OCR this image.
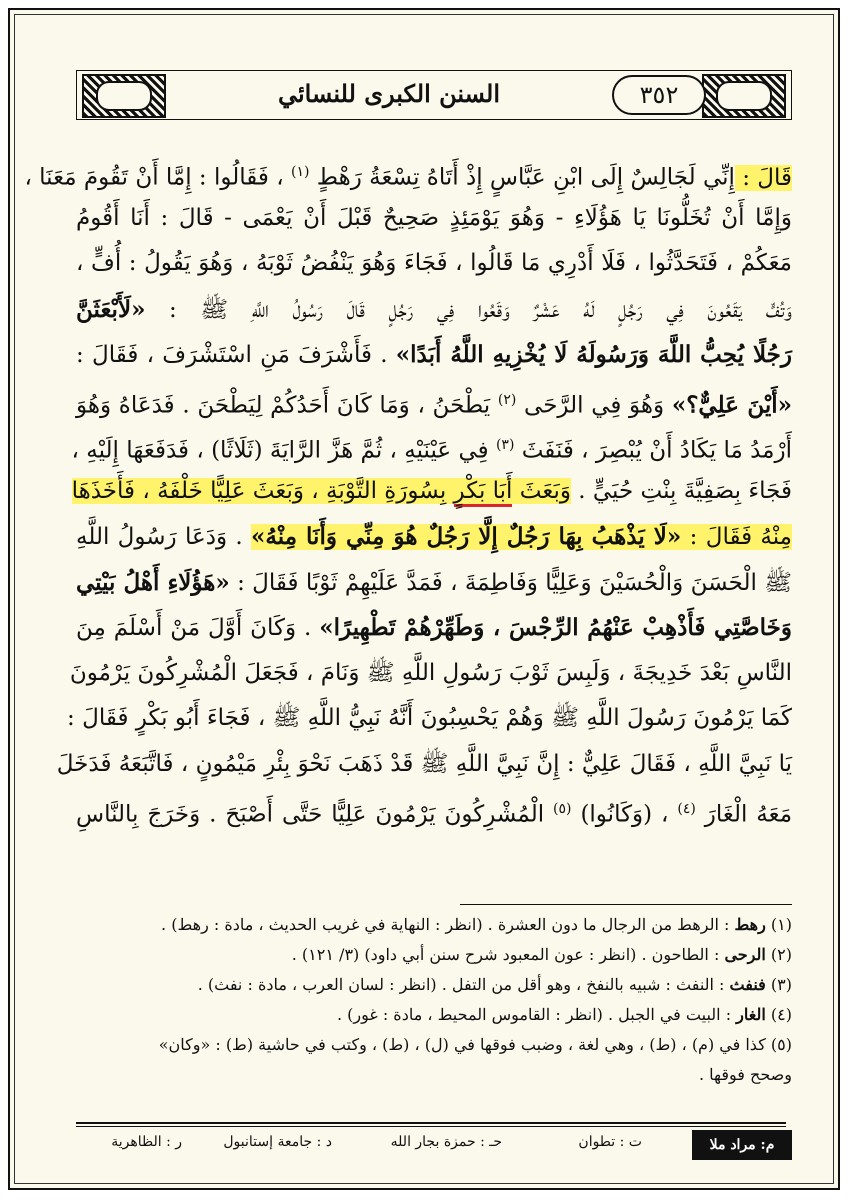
السنن الكبرى للنسائي	٣٥٢
قَالَ : إِنِّي لَجَالِسٌ إِلَى ابْنِ عَبَّاسٍ إِذْ أَتَاهُ تِسْعَةُ رَهْطٍ $^{(١)}$ ، فَقَالُوا : إِمَّا أَنْ تَقُومَ مَعَنَا ،
وَإِمَّا أَنْ تُخَلُّونَا يَا هَؤُلَاءِ - وَهُوَ يَوْمَئِذٍ صَحِيحٌ قَبْلَ أَنْ يَعْمَى - قَالَ : أَنَا أَقُومُ
مَعَكُمْ ، فَتَحَدَّثُوا ، فَلَا أَدْرِي مَا قَالُوا ، فَجَاءَ وَهُوَ يَنْفُضُ ثَوْبَهُ ، وَهُوَ يَقُولُ : أُفٍّ ،
وَتُفٍّ يَقَعُونَ فِي رَجُلٍ لَهُ عَشْرٌ وَقَعُوا فِي رَجُلٍ قَالَ رَسُولُ اللَّهِ ﷺ : «لَأَبْعَثَنَّ
رَجُلًا يُحِبُّ اللَّهَ وَرَسُولَهُ لَا يُخْزِيهِ اللَّهُ أَبَدًا» . فَأَشْرَفَ مَنِ اسْتَشْرَفَ ، فَقَالَ :
«أَيْنَ عَلِيٌّ؟» وَهُوَ فِي الرَّحَى $^{(٢)}$ يَطْحَنُ ، وَمَا كَانَ أَحَدُكُمْ لِيَطْحَنَ . فَدَعَاهُ وَهُوَ
أَرْمَدُ مَا يَكَادُ أَنْ يُبْصِرَ ، فَنَفَثَ $^{(٣)}$ فِي عَيْنَيْهِ ، ثُمَّ هَزَّ الرَّايَةَ (ثَلَاثًا) ، فَدَفَعَهَا إِلَيْهِ ،
فَجَاءَ بِصَفِيَّةَ بِنْتِ حُيَيٍّ . وَبَعَثَ أَبَا بَكْرٍ بِسُورَةِ التَّوْبَةِ ، وَبَعَثَ عَلِيًّا خَلْفَهُ ، فَأَخَذَهَا
مِنْهُ فَقَالَ : «لَا يَذْهَبُ بِهَا رَجُلٌ إِلَّا رَجُلٌ هُوَ مِنِّي وَأَنَا مِنْهُ» . وَدَعَا رَسُولُ اللَّهِ
ﷺ الْحَسَنَ وَالْحُسَيْنَ وَعَلِيًّا وَفَاطِمَةَ ، فَمَدَّ عَلَيْهِمْ ثَوْبًا فَقَالَ : «هَؤُلَاءِ أَهْلُ بَيْتِي
وَخَاصَّتِي فَأَذْهِبْ عَنْهُمُ الرِّجْسَ ، وَطَهِّرْهُمْ تَطْهِيرًا» . وَكَانَ أَوَّلَ مَنْ أَسْلَمَ مِنَ
النَّاسِ بَعْدَ خَدِيجَةَ ، وَلَبِسَ ثَوْبَ رَسُولِ اللَّهِ ﷺ وَنَامَ ، فَجَعَلَ الْمُشْرِكُونَ يَرْمُونَ
كَمَا يَرْمُونَ رَسُولَ اللَّهِ ﷺ وَهُمْ يَحْسِبُونَ أَنَّهُ نَبِيُّ اللَّهِ ﷺ ، فَجَاءَ أَبُو بَكْرٍ فَقَالَ :
يَا نَبِيَّ اللَّهِ ، فَقَالَ عَلِيٌّ : إِنَّ نَبِيَّ اللَّهِ ﷺ قَدْ ذَهَبَ نَحْوَ بِئْرِ مَيْمُونٍ ، فَاتَّبَعَهُ فَدَخَلَ
مَعَهُ الْغَارَ $^{(٤)}$ ، (وَكَانُوا) $^{(٥)}$ الْمُشْرِكُونَ يَرْمُونَ عَلِيًّا حَتَّى أَصْبَحَ . وَخَرَجَ بِالنَّاسِ
(١) رهط : الرهط من الرجال ما دون العشرة . (انظر : النهاية في غريب الحديث ، مادة : رهط) .
(٢) الرحى : الطاحون . (انظر : عون المعبود شرح سنن أبي داود) (٣/ ١٢١) .
(٣) فنفث : النفث : شبيه بالنفخ ، وهو أقل من التفل . (انظر : لسان العرب ، مادة : نفث) .
(٤) الغار : البيت في الجبل . (انظر : القاموس المحيط ، مادة : غور) .
(٥) كذا في (م) ، (ط) ، وهي لغة ، وضبب فوقها في (ل) ، (ط) ، وكتب في حاشية (ط) : «وكان»
وصحح فوقها .
م: مراد ملا
ت : تطوان
حـ : حمزة بجار الله
د : جامعة إستانبول
ر : الظاهرية
